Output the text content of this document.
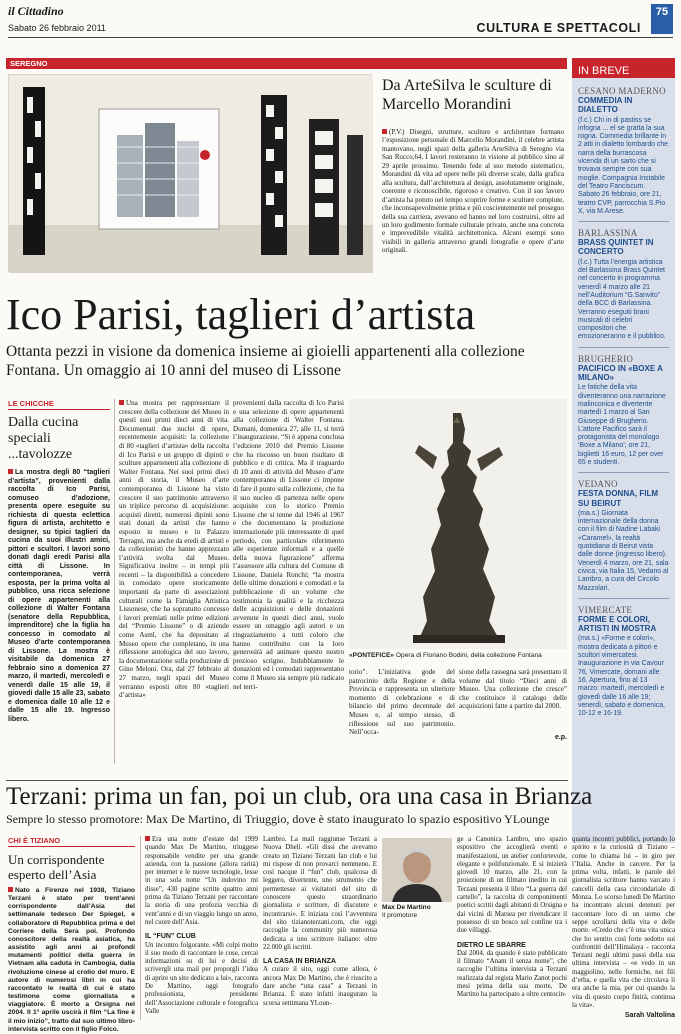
il Cittadino
Sabato 26 febbraio 2011	CULTURA E SPETTACOLI
75
SEREGNO
Da ArteSilva le sculture di Marcello Morandini
(P.V.) Disegni, strutture, sculture e architetture formano l’esposizione personale di Marcello Morandini, il celebre artista mantovano, negli spazi della galleria ArteSilva di Seregno via San Rocco,64. I lavori resteranno in visione al pubblico sino al 29 aprile prossimo. Tenendo fede al suo metodo sistematico, Morandini dà vita ad opere nelle più diverse scale, dalla grafica alla scultura, dall’architettura al design, assolutamente originale, coerente e riconoscibile, rigoroso e creativo. Con il suo lavoro d’artista ha potuto nel tempo scoprire forme e sculture compiute, che inconsapevolmente prima e più coscientemente nel proseguo della sua carriera, avevano ed hanno nel loro costruirsi, oltre ad un loro godimento formale culturale privato, anche una concreta e imprevedibile vitalità architettonica. Alcuni esempi sono visibili in galleria attraverso grandi fotografie e opere d’arte originali.
IN BREVE
CESANO MADERNO
COMMEDIA IN DIALETTO
(f.c.) Chi in di pastiss se infogna ... el se gratta la sua rogna. Commedia brillante in 2 atti in dialetto lombardo che narra della burrascosa vicenda di un sarto che si trovava sempre con sua moglie. Compagnia Instabile del Teatro Fanciscum. Sabato 26 febbraio, ore 21, teatro CVP, parrocchia S.Pio X, via M.Arese.
BARLASSINA
BRASS QUINTET IN CONCERTO
(f.c.) Tutta l’energia artistica del Barlassina Brass Quintet nel concerto in programma venerdì 4 marzo alle 21 nell’Auditorium “G.Sanvito” della BCC di Barlassina. Verranno eseguiti brani musicali di celebri compositori che emozioneranno e il pubblico.
BRUGHERIO
PACIFICO IN «BOXE A MILANO»
Le fatiche della vita diventeranno una narrazione malinconica e divertente martedì 1 marzo al San Giuseppe di Brugherio. L’attore Pacifico sarà il protagonista del monologo ‘Boxe a Milano’; ore 21, biglietti 16 euro, 12 per over 65 e studenti.
VEDANO
FESTA DONNA, FILM SU BEIRUT
(ma.s.) Giornata internazionale della donna con il film di Nadine Labaki «Caramel», la realtà quotidiana di Beirut vista dalle donne (ingresso libero). Venerdì 4 marzo, ore 21, sala civica, via Italia 15, Vedano al Lambro, a cura del Circolo Mazzolari.
VIMERCATE
FORME E COLORI, ARTISTI IN MOSTRA
(ma.s.) «Forme e colori», mostra dedicata a pittori e scultori vimercatesi. Inaugurazione in via Cavour 76, Vimercate, domani alle 16. Apertura, fino al 13 marzo: martedì, mercoledì e giovedì dalle 16 alle 19; venerdì, sabato e domenica, 10-12 e 16-19.
Ico Parisi, taglieri d’artista
Ottanta pezzi in visione da domenica insieme ai gioielli appartenenti alla collezione Fontana. Un omaggio ai 10 anni del museo di Lissone
LE CHICCHE
Dalla cucina speciali ...tavolozze
La mostra degli 80 “taglieri d’artista”, provenienti dalla raccolta di Ico Parisi, comuseo d’adozione, presenta opere eseguite su richiesta di questa eclettica figura di artista, architetto e designer, su tipici taglieri da cucina da suoi illustri amici, pittori e scultori. I lavori sono donati dagli eredi Parisi alla città di Lissone. In contemporanea, verrà esposta, per la prima volta al pubblico, una ricca selezione di opere appartenenti alla collezione di Walter Fontana (senatore della Repubblica, imprenditore) che la figlia ha concesso in comodato al Museo d’arte contemporanea di Lissone. La mostra è visitabile da domenica 27 febbraio sino a domenica 27 marzo, il martedì, mercoledì e venerdì dalle 15 alle 19, il giovedì dalle 15 alle 23, sabato e domenica dalle 10 alle 12 e dalle 15 alle 19. Ingresso libero.
Una mostra per rappresentare il crescere della collezione del Museo in questi suoi primi dieci anni di vita. Documentati due nuclei di opere, recentemente acquisiti: la collezione di 80 «taglieri d’artista» della raccolta di Ico Parisi e un gruppo di dipinti e sculture appartenenti alla collezione di Walter Fontana. Nei suoi primi dieci anni di storia, il Museo d’arte contemporanea di Lissone ha visto crescere il suo patrimonio attraverso un triplice percorso di acquisizione: acquisti diretti, numerosi dipinti sono stati donati da artisti che hanno esposto in museo e in Palazzo Terragni, ma anche da eredi di artisti e da collezionisti che hanno apprezzato l’attività svolta dal Museo. Significativa inoltre – in tempi più recenti – la disponibilità a concedere in comodato opere storicamente importanti da parte di associazioni culturali come la Famiglia Artistica Lissonese, che ha sopratutto concesso i lavori premiati nelle prime edizioni del “Premio Lissone” o di aziende come Asml, che ha depositato al Museo opere che completano, in una riflessione antologica del suo lavoro, la documentazione sulla produzione di Gino Meloni. Ora, dal 27 febbraio al 27 marzo, negli spazi del Museo verranno esposti oltre 80 «taglieri d’artista»
provenienti dalla raccolta di Ico Parisi e una selezione di opere appartenenti alla collezione di Walter Fontana. Domani, domenica 27, alle 11, si terrà l’inaugurazione. “Si è appena conclusa l’edizione 2010 del Premio Lissone che ha riscosso un buon risultato di pubblico e di critica. Ma il traguardo di 10 anni di attività del Museo d’arte contemporanea di Lissone ci impone di fare il punto sulla collezione, che ha il suo nucleo di partenza nelle opere acquisite con lo storico Premio Lissone che si tenne dal 1946 al 1967 e che documentano la produzione internazionale più interessante di quel periodo, con particolare riferimento alle esperienze informali e a quelle della nuova figurazione” afferma l’assessore alla cultura del Comune di Lissone, Daniela Ronchi; “la mostra delle ultime donazioni e comodati e la pubblicazione di un volume che testimonia la qualità e la ricchezza delle acquisizioni e delle donazioni avvenute in questi dieci anni, vuole essere un omaggio agli autori e un ringraziamento a tutti coloro che hanno contribuito con la loro generosità ad animare questo nostro prezioso scrigno. Indubbiamente le donazioni ed i comodati rappresentano come il Museo sia sempre più radicato nel terri-
«PONTEFICE» Opera di Floriano Bodini, della collezione Fontana
torio”. L’iniziativa gode del patrocinio della Regione e della Provincia e rappresenta un ulteriore momento di celebrazione e di bilancio del primo decennale del Museo e, al tempo stesso, di riflessione sul suo patrimonio. Nell’occa-
sione della rassegna sarà presentato il volume dal titolo “Dieci anni di Museo. Una collezione che cresce” che costituisce il catalogo delle acquisizioni fatte a partire dal 2000.
e.p.
Terzani: prima un fan, poi un club, ora una casa in Brianza
Sempre lo stesso promotore: Max De Martino, di Triuggio, dove è stato inaugurato lo spazio espositivo YLounge
CHI È TIZIANO
Un corrispondente esperto dell’Asia
Nato a Firenze nel 1938, Tiziano Terzani è stato per trent’anni corrispondente dall’Asia del settimanale tedesco Der Spiegel, e collaboratore di Repubblica prima e del Corriere della Sera poi. Profondo conoscitore della realtà asiatica, ha assistito agli anni ai profondi mutamenti politici della guerra in Vietnam alla caduta in Cambogia, dalla rivoluzione cinese al crollo del muro. E autore di numerosi libri in cui ha raccontato le realtà di cui è stato testimone come giornalista e viaggiatore. È morto a Orsigna nel 2004. Il 1° aprile uscirà il film “La fine è il mio inizio”, tratto dal suo ultimo libro-intervista scritto con il figlio Folco.
Era una notte d’estate del 1999 quando Max De Martino, triuggese responsabile vendite per una grande azienda, con la passione (allora rarità) per internet e le nuove tecnologie, lesse in una sola notte “Un indovino mi disse”, 430 pagine scritte quattro anni prima da Tiziano Terzani per raccontare la storia di una profezia vecchia di vent’anni e di un viaggio lungo un anno, nel cuore dell’Asia.
IL “FUN” CLUB
Un incontro folgorante. «Mi colpì molto il suo modo di raccontare le cose, cercai informazioni su di lui e decisi di scrivergli una mail per proporgli l’idea di aprire un sito dedicato a lui», racconta De Martino, oggi fotografo professionista, presidente dell’Associazione culturale e fotografica Valle
Lambro. La mail raggiunse Terzani a Nuova Dheli. «Gli dissi che avevamo creato un Tiziano Terzani fan club e lui mi rispose di non provarci nemmeno. E così nacque il “fun” club, qualcosa di leggero, divertente, uno strumento che permettesse ai visitatori del sito di conoscere questo straordinario giornalista e scrittore, di discutere e incontrarsi». E iniziata così l’avventura del sito tizianoterzani.com, che oggi raccoglie la community più numerosa dedicata a uno scrittore italiano: oltre 22.000 gli iscritti.
LA CASA IN BRIANZA
A curare il sito, oggi come allora, è ancora Max De Martino, che è riuscito a dare anche “una casa” a Terzani in Brianza. È stato infatti inaugurato la scorsa settimana YLoun-
Max De Martino
Il promotore
ge a Canonica Lambro, uno spazio espositivo che accoglierà eventi e manifestazioni, un atelier confortevole, elegante e polifunzionale. E si inizierà giovedì 10 marzo, alle 21, con la proiezione di un filmato inedito in cui Terzani presenta il libro “La guerra del cartello”, la raccolta di componimenti poetici scritti dagli abitanti di Orsigna e dai vicini di Marsea per rivendicare il possesso di un bosco sul confine tra i due villaggi.
DIETRO LE SBARRE
Dal 2004, da quando è stato pubblicato il filmato “Anam il senza nome”, che raccoglie l’ultima intervista a Terzani realizzata dal regista Mario Zanot pochi mesi prima della sua morte, De Martino ha partecipato a oltre centocin-
quanta incontri pubblici, portando lo spirito e la curiosità di Tiziano – come lo chiama lui – in giro per l’Italia. Anche in carcere. Per la prima volta, infatti, le parole del giornalista scrittore hanno varcato i cancelli della casa circondariale di Monza. Lo scorso lunedì De Martino ha incontrato alcuni detenuti per raccontare loro di un uomo che seppe scrollarsi della vita e delle morte. «Credo che c’è una vita unica che ho sentito così forte sedotto sui confrontiti dell’Himalaya - racconta Terzani negli ultimi passi della sua ultima intervista – «e vedo in un maggiolino, nelle formiche, nei fili d’erba, e quella vita che circolava lì era anche la mia, per cui quando la vita di questo corpo finirà, continua la vita».
Sarah Valtolina
